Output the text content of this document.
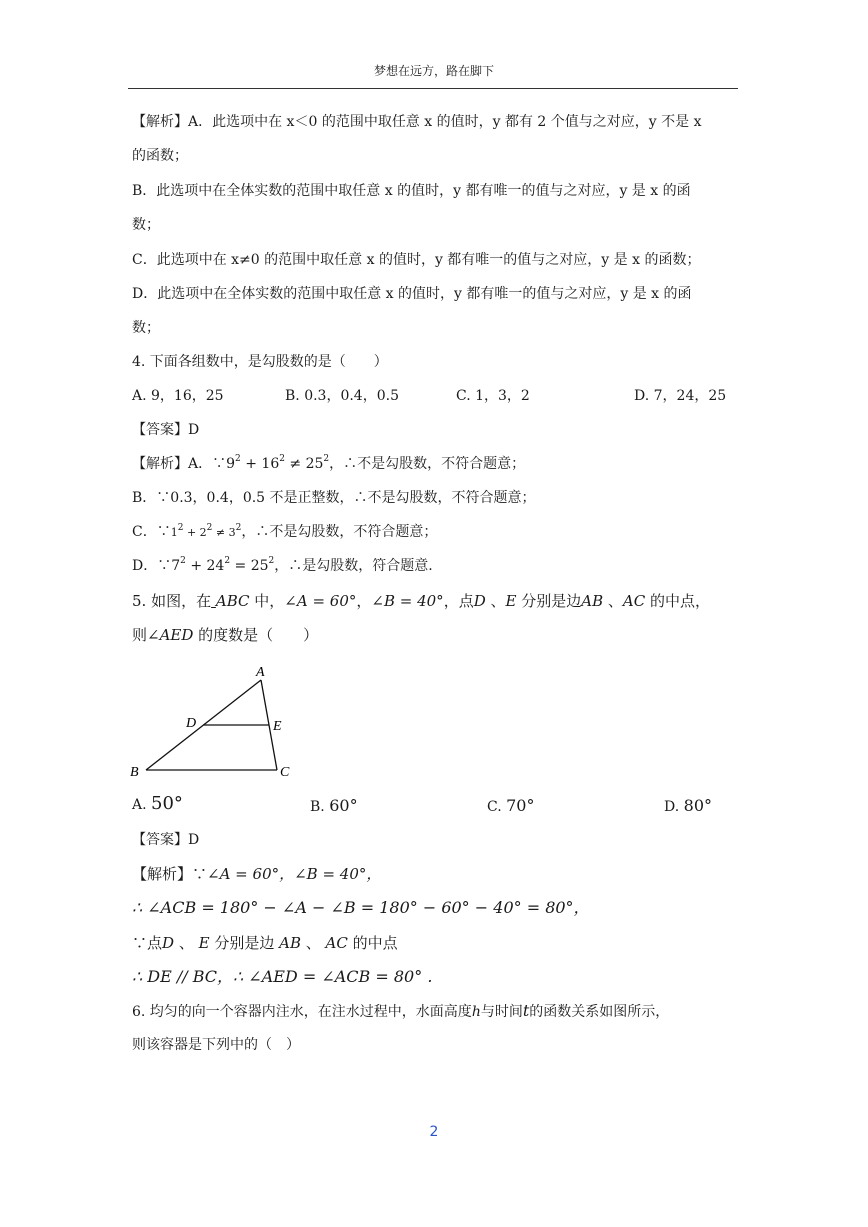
梦想在远方，路在脚下
【解析】A．此选项中在 x＜0 的范围中取任意 x 的值时，y 都有 2 个值与之对应，y 不是 x
的函数；
B．此选项中在全体实数的范围中取任意 x 的值时，y 都有唯一的值与之对应，y 是 x 的函
数；
C．此选项中在 x≠0 的范围中取任意 x 的值时，y 都有唯一的值与之对应，y 是 x 的函数；
D．此选项中在全体实数的范围中取任意 x 的值时，y 都有唯一的值与之对应，y 是 x 的函
数；
4. 下面各组数中，是勾股数的是（　　）
A. 9，16，25	B. 0.3，0.4，0.5	C. 1，3，2	D. 7，24，25
【答案】D
【解析】A．$\because 9^2 + 16^2 \ne 25^2$，∴不是勾股数，不符合题意；
B．∵0.3，0.4，0.5 不是正整数，∴不是勾股数，不符合题意；
C．$\because 1^2 + 2^2 \ne 3^2$，∴不是勾股数，不符合题意；
D．$\because 7^2 + 24^2 = 25^2$，∴是勾股数，符合题意.
5. 如图，在 ABC 中，∠A = 60°，∠B = 40°，点D 、E 分别是边AB 、AC 的中点，
则∠AED 的度数是（　　）
A
B	C
D	E
A. 50°	B. 60°	C. 70°	D. 80°
【答案】D
【解析】∵∠A = 60°，∠B = 40°，
∴ ∠ACB = 180° − ∠A − ∠B = 180° − 60° − 40° = 80°，
∵点D 、 E 分别是边 AB 、 AC 的中点
∴ DE // BC，∴ ∠AED = ∠ACB = 80° .
6. 均匀的向一个容器内注水，在注水过程中，水面高度h与时间t的函数关系如图所示，
则该容器是下列中的（　）
2
